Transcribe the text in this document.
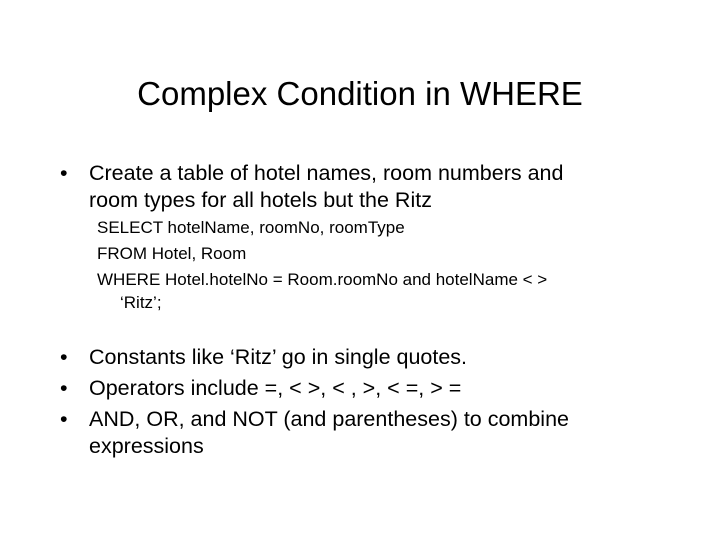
Complex Condition in WHERE
• Create a table of hotel names, room numbers and
room types for all hotels but the Ritz
SELECT hotelName, roomNo, roomType
FROM Hotel, Room
WHERE Hotel.hotelNo = Room.roomNo and hotelName < >
‘Ritz’;
• Constants like ‘Ritz’ go in single quotes.
• Operators include =, < >, < , >, < =, > =
• AND, OR, and NOT (and parentheses) to combine
expressions
